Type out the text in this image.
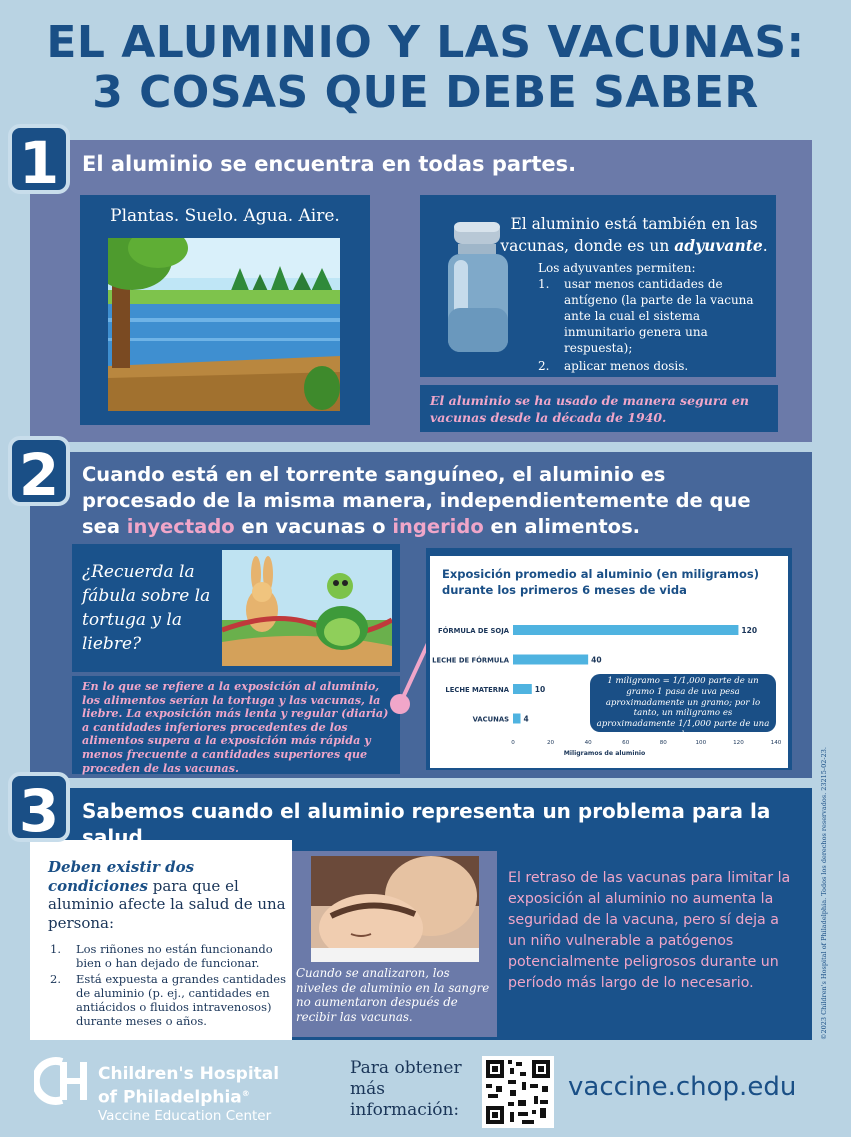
EL ALUMINIO Y LAS VACUNAS:
3 COSAS QUE DEBE SABER
1	El aluminio se encuentra en todas partes.
Plantas. Suelo. Agua. Aire.	El aluminio está también en las vacunas, donde es un adyuvante.
Los adyuvantes permiten:
1. usar menos cantidades de antígeno (la parte de la vacuna ante la cual el sistema inmunitario genera una respuesta);
2. aplicar menos dosis.
El aluminio se ha usado de manera segura en vacunas desde la década de 1940.
2	Cuando está en el torrente sanguíneo, el aluminio es procesado de la misma manera, independientemente de que sea inyectado en vacunas o ingerido en alimentos.
¿Recuerda la fábula sobre la tortuga y la liebre?
En lo que se refiere a la exposición al aluminio, los alimentos serían la tortuga y las vacunas, la liebre. La exposición más lenta y regular (diaria) a cantidades inferiores procedentes de los alimentos supera a la exposición más rápida y menos frecuente a cantidades superiores que proceden de las vacunas.
Exposición promedio al aluminio (en miligramos) durante los primeros 6 meses de vida
FÓRMULA DE SOJA	120
LECHE DE FÓRMULA	40
LECHE MATERNA	10
VACUNAS 4
0	20	40	60	80	100	120	140
Miligramos de aluminio
1 miligramo = 1/1,000 parte de un gramo 1 pasa de uva pesa aproximadamente un gramo; por lo tanto, un miligramo es aproximadamente 1/1,000 parte de una pasa de uva.
3	Sabemos cuando el aluminio representa un problema para la salud.
Deben existir dos condiciones para que el aluminio afecte la salud de una persona:
1. Los riñones no están funcionando bien o han dejado de funcionar.
2. Está expuesta a grandes cantidades de aluminio (p. ej., cantidades en antiácidos o fluidos intravenosos) durante meses o años.
Cuando se analizaron, los niveles de aluminio en la sangre no aumentaron después de recibir las vacunas.
El retraso de las vacunas para limitar la exposición al aluminio no aumenta la seguridad de la vacuna, pero sí deja a un niño vulnerable a patógenos potencialmente peligrosos durante un período más largo de lo necesario.	©2023 Children's Hospital of Philadelphia. Todos los derechos reservados. 23215-02-23.
Children's Hospital
of Philadelphia®
Vaccine Education Center
Para obtener más información:
vaccine.chop.edu
